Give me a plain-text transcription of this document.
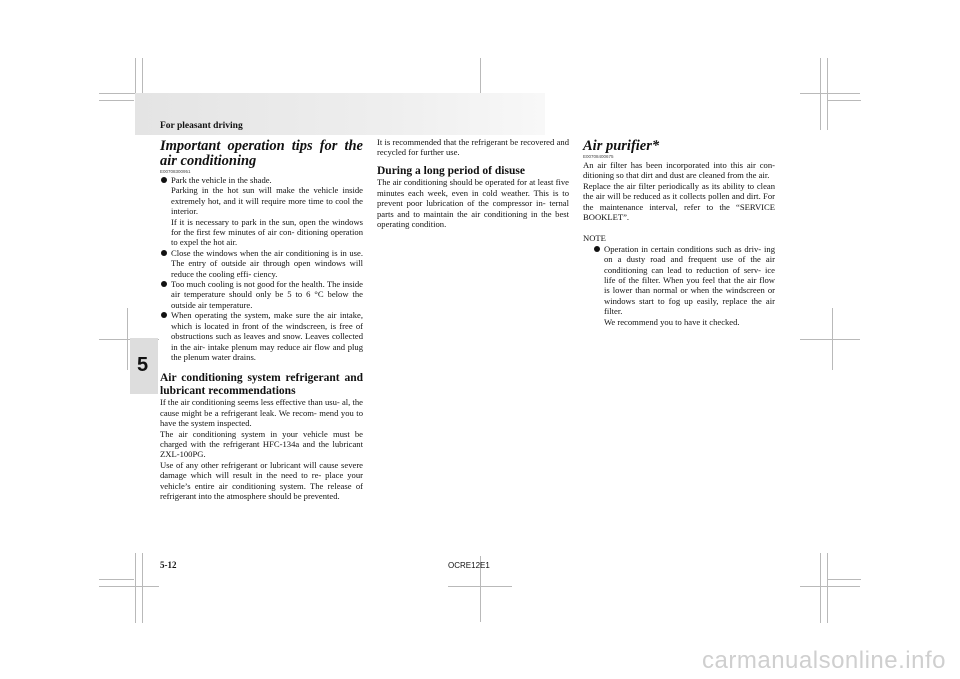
For pleasant driving
5

Important operation tips for the air conditioning

E00708300951

Park the vehicle in the shade.

Parking in the hot sun will make the vehicle inside extremely hot, and it will require more time to cool the interior.

If it is necessary to park in the sun, open the windows for the first few minutes of air con- ditioning operation to expel the hot air.

Close the windows when the air conditioning is in use. The entry of outside air through open windows will reduce the cooling effi- ciency.

Too much cooling is not good for the health. The inside air temperature should only be 5 to 6 °C below the outside air temperature.

When operating the system, make sure the air intake, which is located in front of the windscreen, is free of obstructions such as leaves and snow. Leaves collected in the air- intake plenum may reduce air flow and plug the plenum water drains.

Air conditioning system refrigerant and lubricant recommendations

If the air conditioning seems less effective than usu- al, the cause might be a refrigerant leak. We recom- mend you to have the system inspected.

The air conditioning system in your vehicle must be charged with the refrigerant HFC-134a and the lubricant ZXL-100PG.

Use of any other refrigerant or lubricant will cause severe damage which will result in the need to re- place your vehicle’s entire air conditioning system. The release of refrigerant into the atmosphere should be prevented.

It is recommended that the refrigerant be recovered and recycled for further use.

During a long period of disuse

The air conditioning should be operated for at least five minutes each week, even in cold weather. This is to prevent poor lubrication of the compressor in- ternal parts and to maintain the air conditioning in the best operating condition.

Air purifier*

E00708400675

An air filter has been incorporated into this air con- ditioning so that dirt and dust are cleaned from the air.

Replace the air filter periodically as its ability to clean the air will be reduced as it collects pollen and dirt. For the maintenance interval, refer to the “SERVICE BOOKLET”.

NOTE

Operation in certain conditions such as driv- ing on a dusty road and frequent use of the air conditioning can lead to reduction of serv- ice life of the filter. When you feel that the air flow is lower than normal or when the windscreen or windows start to fog up easily, replace the air filter.

We recommend you to have it checked.

5-12	OCRE12E1
carmanualsonline.info
